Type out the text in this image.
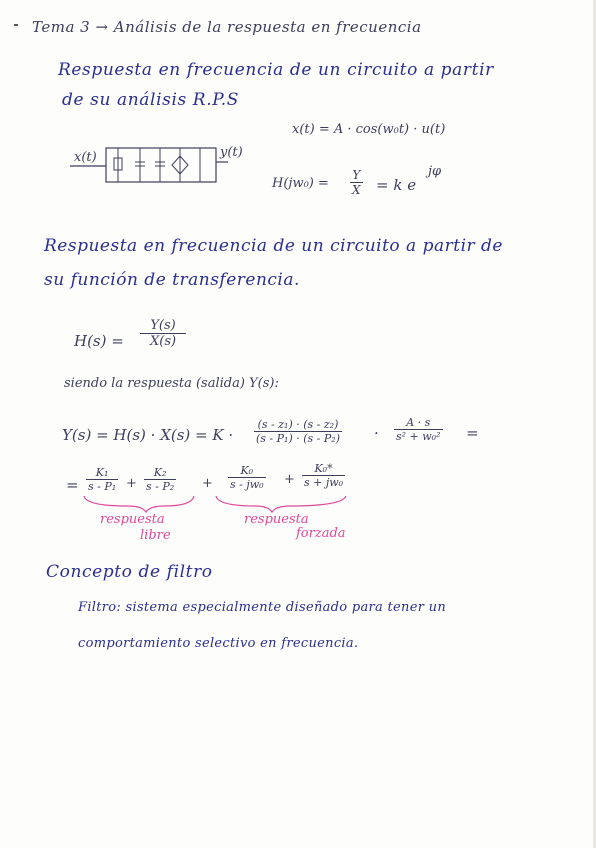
Tema 3 → Análisis de la respuesta en frecuencia
Respuesta en frecuencia de un circuito a partir
de su análisis R.P.S
x(t) = A · cos(w₀t) · u(t)
x(t)	y(t)
$H(jw_0) = \frac{Y}{X} = k$ e
jφ
Respuesta en frecuencia de un circuito a partir de
su función de transferencia.
$H(s) = \frac{Y(s)}{X(s)}$
siendo la respuesta (salida) Y(s):
$Y(s) = H(s) \cdot X(s) = K \cdot \frac{\text{(s - z₁) · (s - z₂)}}{\text{(s - P₁) · (s - P₂)}} \cdot \frac{A \cdot s}{\text{s² + w₀²}}$ =
= $\frac{\text{K₁}}{\text{s - P₁}} + \frac{\text{K₂}}{\text{s - P₂}} + \frac{\text{K₀}}{\text{s - jw₀}} + \frac{\text{K₀*}}{\text{s + jw₀}}$
respuesta
libre
respuesta
forzada
Concepto de filtro
Filtro: sistema especialmente diseñado para tener un
comportamiento selectivo en frecuencia.
